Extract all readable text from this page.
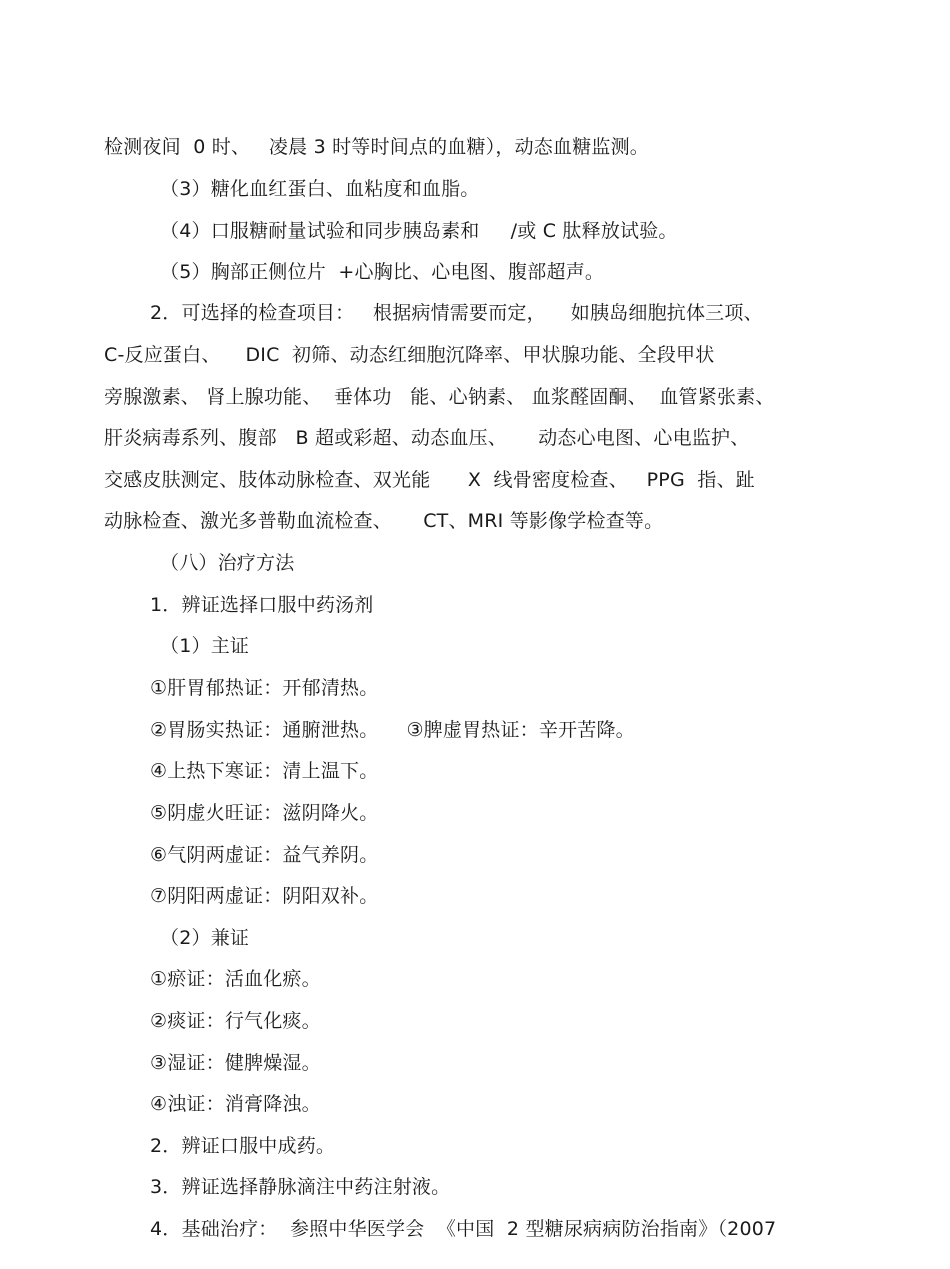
检测夜间  0 时、   凌晨 3 时等时间点的血糖），动态血糖监测。
（3）糖化血红蛋白、血粘度和血脂。
（4）口服糖耐量试验和同步胰岛素和     /或 C 肽释放试验。
（5）胸部正侧位片  +心胸比、心电图、腹部超声。
2．可选择的检查项目：   根据病情需要而定，    如胰岛细胞抗体三项、
C-反应蛋白、    DIC  初筛、动态红细胞沉降率、甲状腺功能、全段甲状
旁腺激素、 肾上腺功能、  垂体功   能、心钠素、 血浆醛固酮、  血管紧张素、
肝炎病毒系列、腹部   B 超或彩超、动态血压、     动态心电图、心电监护、
交感皮肤测定、肢体动脉检查、双光能      X  线骨密度检查、   PPG  指、趾
动脉检查、激光多普勒血流检查、     CT、MRI 等影像学检查等。
（八）治疗方法
1．辨证选择口服中药汤剂
（1）主证
①肝胃郁热证：开郁清热。
②胃肠实热证：通腑泄热。 ③脾虚胃热证：辛开苦降。
④上热下寒证：清上温下。
⑤阴虚火旺证：滋阴降火。
⑥气阴两虚证：益气养阴。
⑦阴阳两虚证：阴阳双补。
（2）兼证
①瘀证：活血化瘀。
②痰证：行气化痰。
③湿证：健脾燥湿。
④浊证：消膏降浊。
2．辨证口服中成药。
3．辨证选择静脉滴注中药注射液。
4．基础治疗：  参照中华医学会  《中国  2 型糖尿病病防治指南》（2007
